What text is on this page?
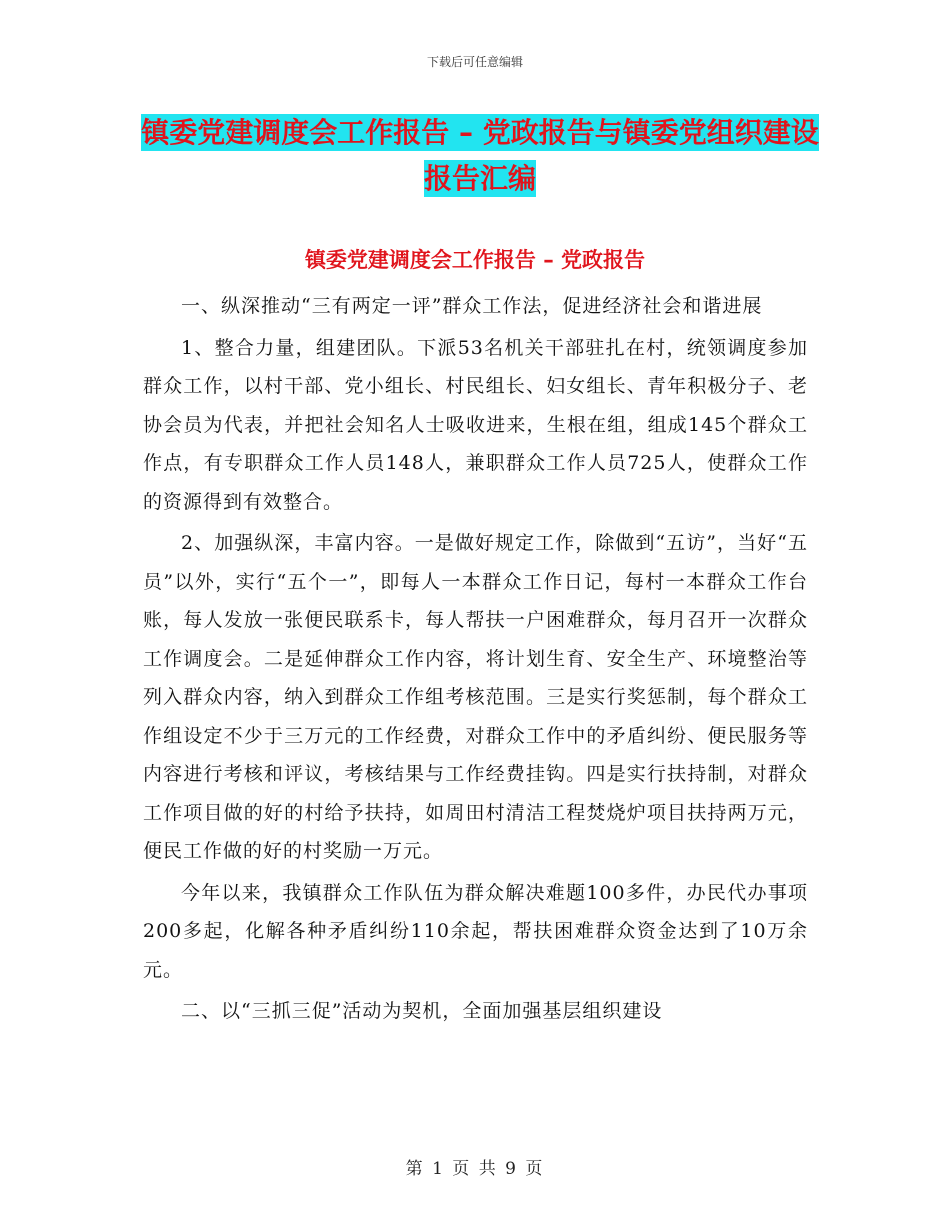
下载后可任意编辑
镇委党建调度会工作报告 – 党政报告与镇委党组织建设报告汇编
镇委党建调度会工作报告 – 党政报告

一、纵深推动“三有两定一评”群众工作法，促进经济社会和谐进展

1、整合力量，组建团队。下派53名机关干部驻扎在村，统领调度参加群众工作，以村干部、党小组长、村民组长、妇女组长、青年积极分子、老协会员为代表，并把社会知名人士吸收进来，生根在组，组成145个群众工作点，有专职群众工作人员148人，兼职群众工作人员725人，使群众工作的资源得到有效整合。

2、加强纵深，丰富内容。一是做好规定工作，除做到“五访”，当好“五员”以外，实行“五个一”，即每人一本群众工作日记，每村一本群众工作台账，每人发放一张便民联系卡，每人帮扶一户困难群众，每月召开一次群众工作调度会。二是延伸群众工作内容，将计划生育、安全生产、环境整治等列入群众内容，纳入到群众工作组考核范围。三是实行奖惩制，每个群众工作组设定不少于三万元的工作经费，对群众工作中的矛盾纠纷、便民服务等内容进行考核和评议，考核结果与工作经费挂钩。四是实行扶持制，对群众工作项目做的好的村给予扶持，如周田村清洁工程焚烧炉项目扶持两万元，便民工作做的好的村奖励一万元。

今年以来，我镇群众工作队伍为群众解决难题100多件，办民代办事项200多起，化解各种矛盾纠纷110余起，帮扶困难群众资金达到了10万余元。

二、以“三抓三促”活动为契机，全面加强基层组织建设

第 1 页 共 9 页
